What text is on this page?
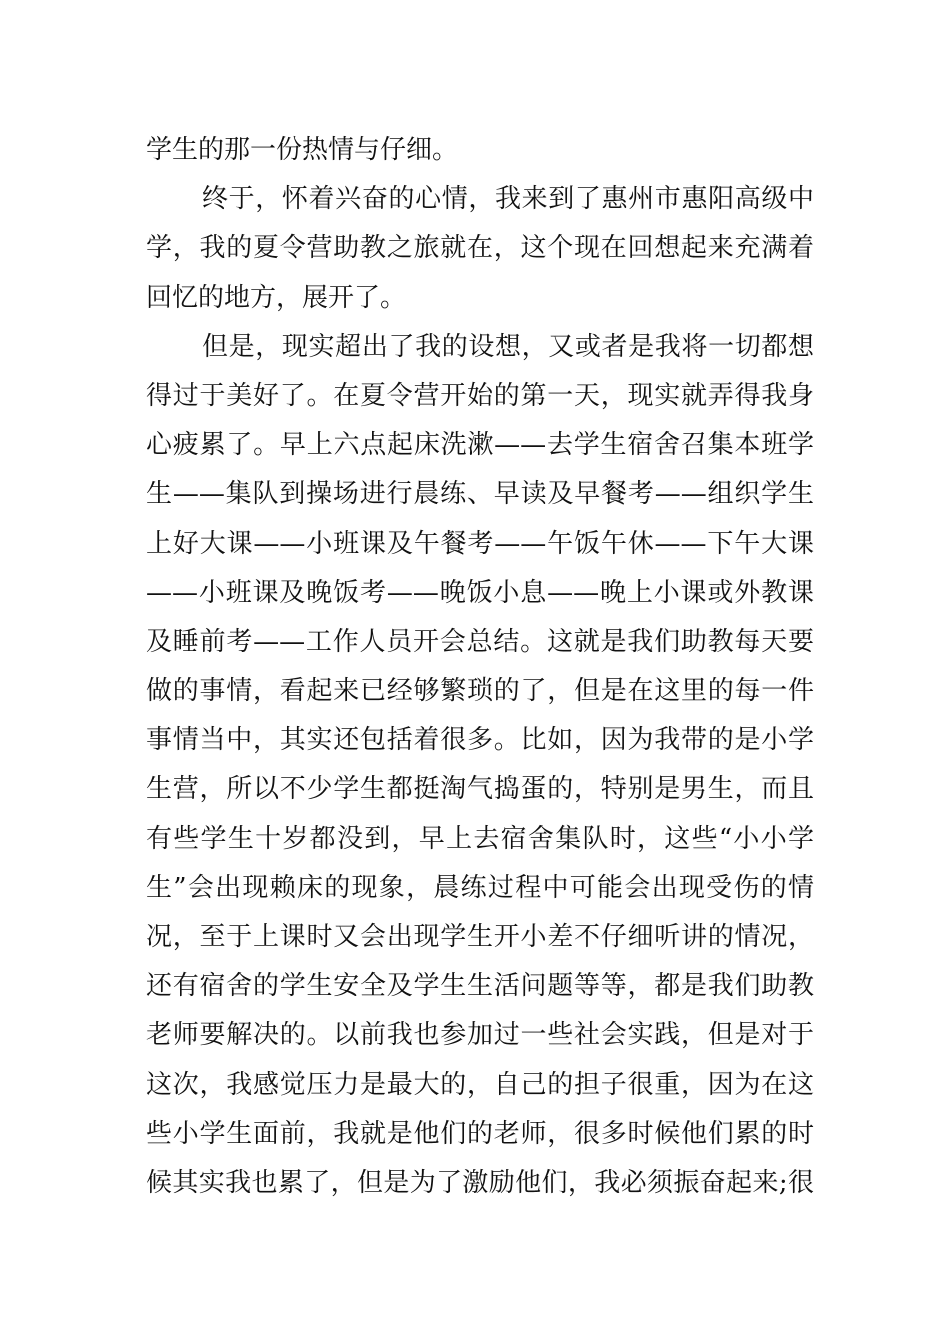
学生的那一份热情与仔细。
终于，怀着兴奋的心情，我来到了惠州市惠阳高级中
学，我的夏令营助教之旅就在，这个现在回想起来充满着
回忆的地方，展开了。
但是，现实超出了我的设想，又或者是我将一切都想
得过于美好了。在夏令营开始的第一天，现实就弄得我身
心疲累了。早上六点起床洗漱——去学生宿舍召集本班学
生——集队到操场进行晨练、早读及早餐考——组织学生
上好大课——小班课及午餐考——午饭午休——下午大课
——小班课及晚饭考——晚饭小息——晚上小课或外教课
及睡前考——工作人员开会总结。这就是我们助教每天要
做的事情，看起来已经够繁琐的了，但是在这里的每一件
事情当中，其实还包括着很多。比如，因为我带的是小学
生营，所以不少学生都挺淘气捣蛋的，特别是男生，而且
有些学生十岁都没到，早上去宿舍集队时，这些“小小学
生”会出现赖床的现象，晨练过程中可能会出现受伤的情
况，至于上课时又会出现学生开小差不仔细听讲的情况，
还有宿舍的学生安全及学生生活问题等等，都是我们助教
老师要解决的。以前我也参加过一些社会实践，但是对于
这次，我感觉压力是最大的，自己的担子很重，因为在这
些小学生面前，我就是他们的老师，很多时候他们累的时
候其实我也累了，但是为了激励他们，我必须振奋起来;很
